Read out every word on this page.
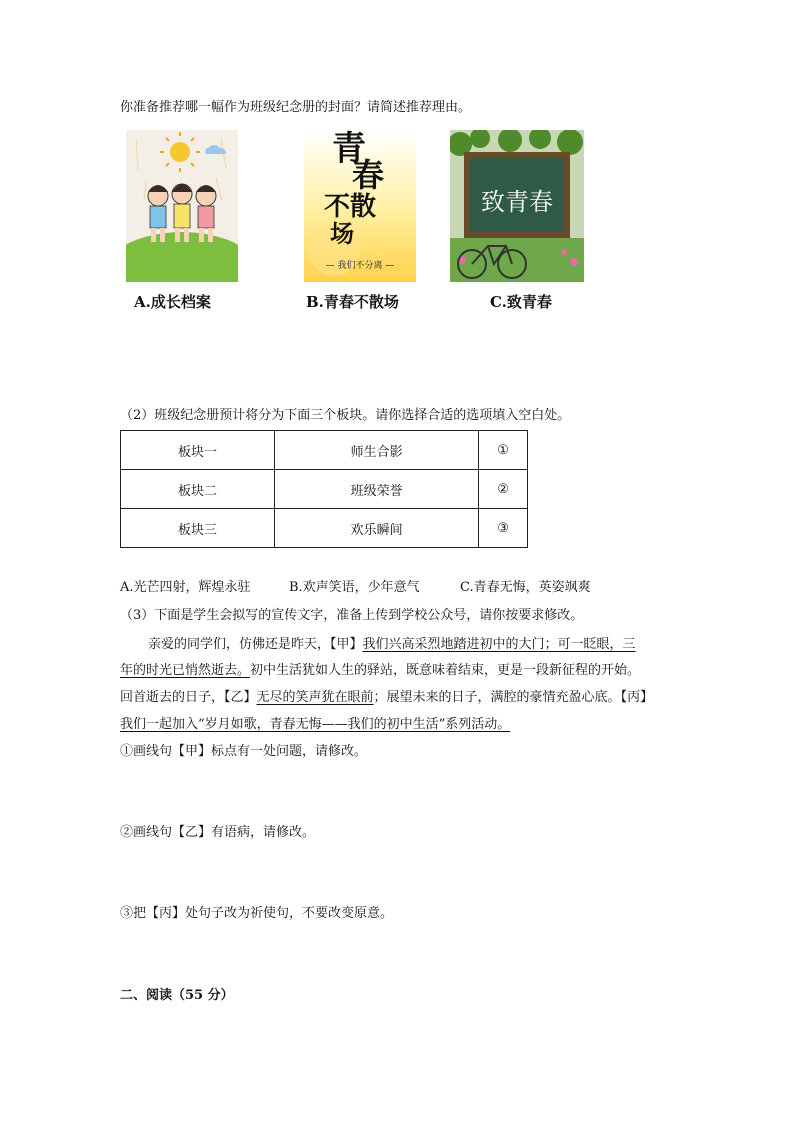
你准备推荐哪一幅作为班级纪念册的封面？请简述推荐理由。
青
春
不散
场
— 我们不分离 —
致青春
A.成长档案	B.青春不散场	C.致青春
（2）班级纪念册预计将分为下面三个板块。请你选择合适的选项填入空白处。
板块一	师生合影	①
板块二	班级荣誉	②
板块三	欢乐瞬间	③
A.光芒四射，辉煌永驻	B.欢声笑语，少年意气	C.青春无悔，英姿飒爽
（3）下面是学生会拟写的宣传文字，准备上传到学校公众号，请你按要求修改。
亲爱的同学们，仿佛还是昨天，【甲】我们兴高采烈地踏进初中的大门；可一眨眼，三
年的时光已悄然逝去。初中生活犹如人生的驿站，既意味着结束，更是一段新征程的开始。
回首逝去的日子，【乙】无尽的笑声犹在眼前；展望未来的日子，满腔的豪情充盈心底。【丙】
我们一起加入“岁月如歌，青春无悔——我们的初中生活”系列活动。
①画线句【甲】标点有一处问题，请修改。
②画线句【乙】有语病，请修改。
③把【丙】处句子改为祈使句，不要改变原意。
二、阅读（55 分）
